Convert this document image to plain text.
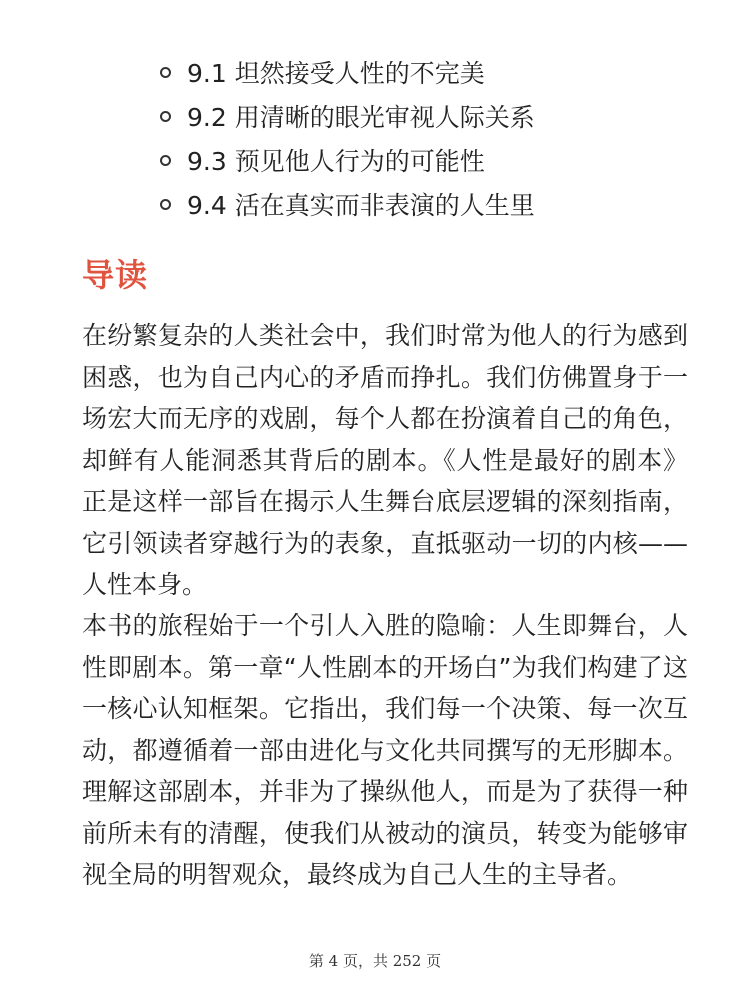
9.1 坦然接受人性的不完美
9.2 用清晰的眼光审视人际关系
9.3 预见他人行为的可能性
9.4 活在真实而非表演的人生里
导读

在纷繁复杂的人类社会中，我们时常为他人的行为感到困惑，也为自己内心的矛盾而挣扎。我们仿佛置身于一场宏大而无序的戏剧，每个人都在扮演着自己的角色，却鲜有人能洞悉其背后的剧本。《人性是最好的剧本》正是这样一部旨在揭示人生舞台底层逻辑的深刻指南，它引领读者穿越行为的表象，直抵驱动一切的内核——人性本身。

本书的旅程始于一个引人入胜的隐喻：人生即舞台，人性即剧本。第一章“人性剧本的开场白”为我们构建了这一核心认知框架。它指出，我们每一个决策、每一次互动，都遵循着一部由进化与文化共同撰写的无形脚本。理解这部剧本，并非为了操纵他人，而是为了获得一种前所未有的清醒，使我们从被动的演员，转变为能够审视全局的明智观众，最终成为自己人生的主导者。

第 4 页，共 252 页
